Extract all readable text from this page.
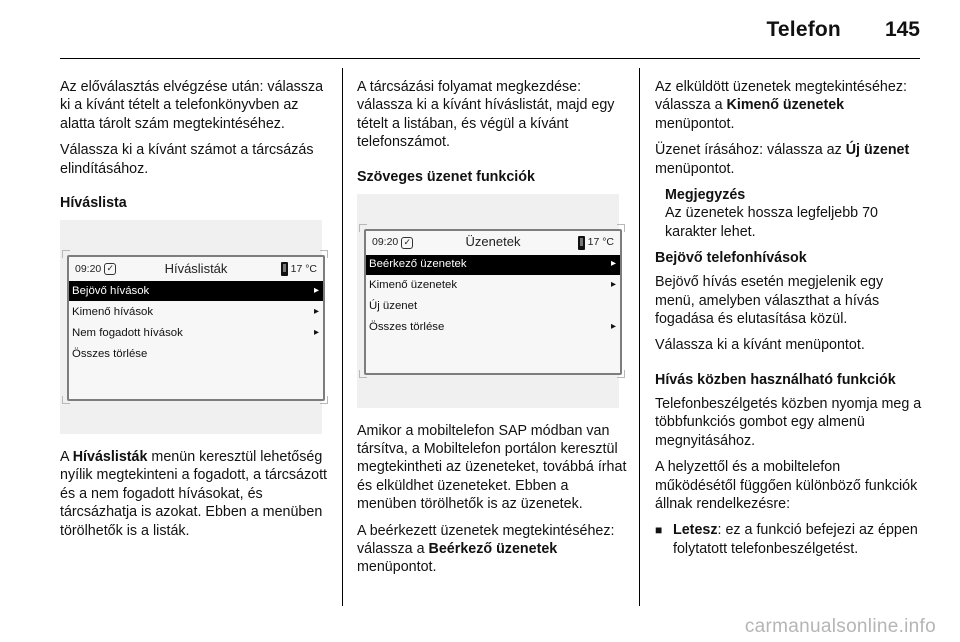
Telefon 145

Az előválasztás elvégzése után: válassza ki a kívánt tételt a telefonkönyvben az alatta tárolt szám megtekintéséhez.

Válassza ki a kívánt számot a tárcsázás elindításához.

Híváslista
09:20 ✓	Híváslisták	17 °C
Bejövő hívások	▸
Kimenő hívások	▸
Nem fogadott hívások	▸
Összes törlése

A Híváslisták menün keresztül lehetőség nyílik megtekinteni a fogadott, a tárcsázott és a nem fogadott hívásokat, és tárcsázhatja is azokat. Ebben a menüben törölhetők is a listák.

A tárcsázási folyamat megkezdése: válassza ki a kívánt híváslistát, majd egy tételt a listában, és végül a kívánt telefonszámot.

Szöveges üzenet funkciók
09:20 ✓	Üzenetek	17 °C
Beérkező üzenetek	▸
Kimenő üzenetek	▸
Új üzenet
Összes törlése	▸

Amikor a mobiltelefon SAP módban van társítva, a Mobiltelefon portálon keresztül megtekintheti az üzeneteket, továbbá írhat és elküldhet üzeneteket. Ebben a menüben törölhetők is az üzenetek.

A beérkezett üzenetek megtekintéséhez: válassza a Beérkező üzenetek menüpontot.

Az elküldött üzenetek megtekintéséhez: válassza a Kimenő üzenetek menüpontot.

Üzenet írásához: válassza az Új üzenet menüpontot.

Megjegyzés
Az üzenetek hossza legfeljebb 70 karakter lehet.
Bejövő telefonhívások

Bejövő hívás esetén megjelenik egy menü, amelyben választhat a hívás fogadása és elutasítása közül.

Válassza ki a kívánt menüpontot.

Hívás közben használható funkciók

Telefonbeszélgetés közben nyomja meg a többfunkciós gombot egy almenü megnyitásához.

A helyzettől és a mobiltelefon működésétől függően különböző funkciók állnak rendelkezésre:

■ Letesz: ez a funkció befejezi az éppen folytatott telefonbeszélgetést.
carmanualsonline.info
